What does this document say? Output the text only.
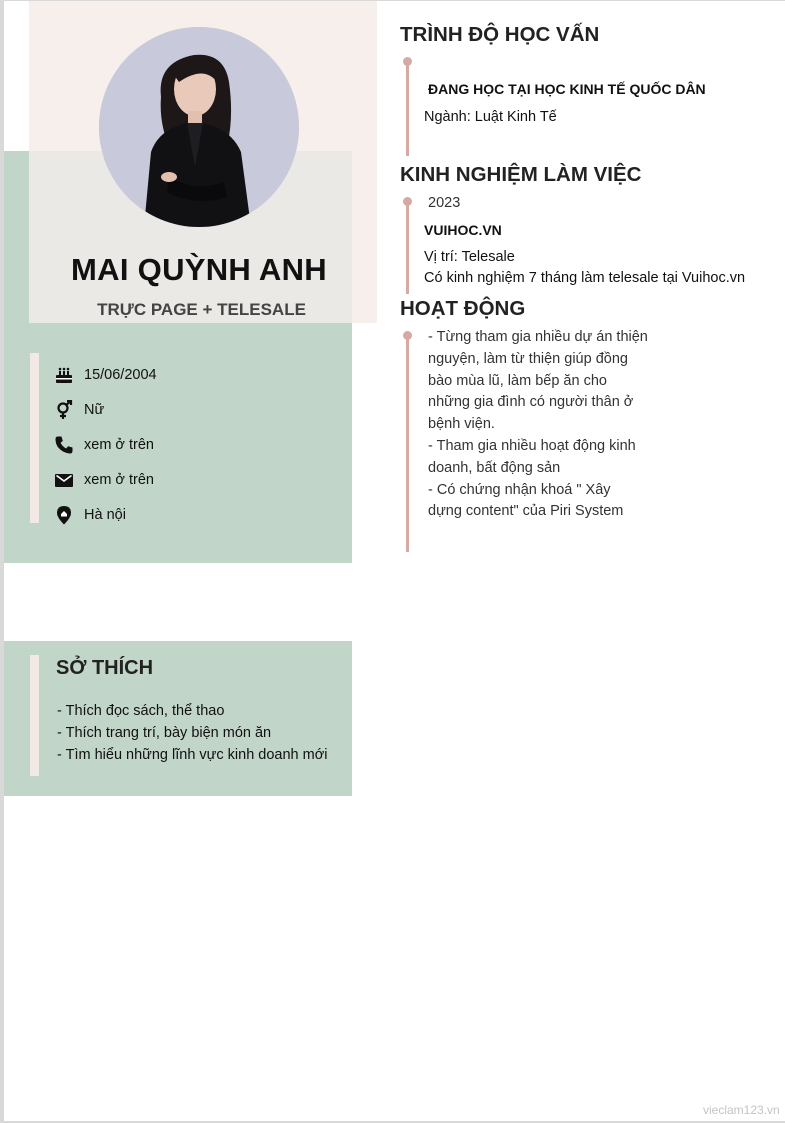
MAI QUỲNH ANH
TRỰC PAGE + TELESALE
15/06/2004
Nữ
xem ở trên
xem ở trên
Hà nội
SỞ THÍCH
- Thích đọc sách, thể thao
- Thích trang trí, bày biện món ăn
- Tìm hiểu những lĩnh vực kinh doanh mới
TRÌNH ĐỘ HỌC VẤN
ĐANG HỌC TẠI HỌC KINH TẾ QUỐC DÂN
Ngành: Luật Kinh Tế
KINH NGHIỆM LÀM VIỆC
2023
VUIHOC.VN
Vị trí: Telesale
Có kinh nghiệm 7 tháng làm telesale tại Vuihoc.vn
HOẠT ĐỘNG
- Từng tham gia nhiều dự án thiện
nguyện, làm từ thiện giúp đồng
bào mùa lũ, làm bếp ăn cho
những gia đình có người thân ở
bệnh viện.
- Tham gia nhiều hoạt động kinh
doanh, bất động sản
- Có chứng nhận khoá " Xây
dựng content" của Piri System
vieclam123.vn
